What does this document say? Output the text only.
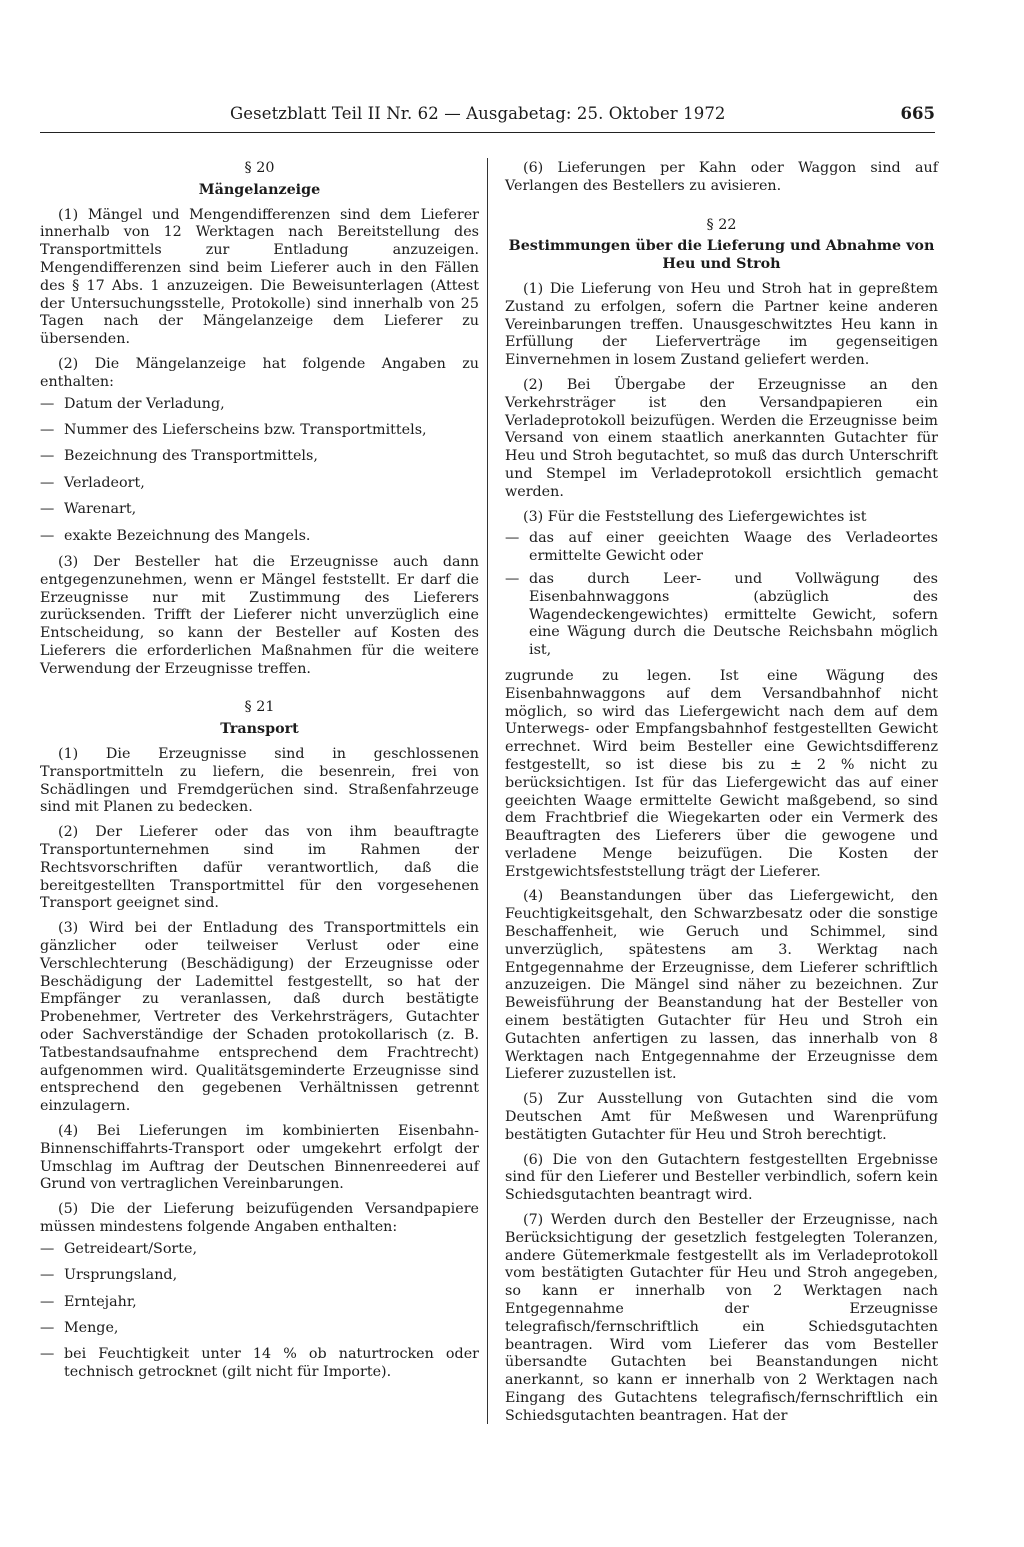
Gesetzblatt Teil II Nr. 62 — Ausgabetag: 25. Oktober 1972	665
§ 20
Mängelanzeige

(1) Mängel und Mengendifferenzen sind dem Lieferer innerhalb von 12 Werktagen nach Bereitstellung des Transportmittels zur Entladung anzuzeigen. Mengendifferenzen sind beim Lieferer auch in den Fällen des § 17 Abs. 1 anzuzeigen. Die Beweisunterlagen (Attest der Untersuchungsstelle, Protokolle) sind innerhalb von 25 Tagen nach der Mängelanzeige dem Lieferer zu übersenden.

(2) Die Mängelanzeige hat folgende Angaben zu enthalten:

— Datum der Verladung,
— Nummer des Lieferscheins bzw. Transportmittels,
— Bezeichnung des Transportmittels,
— Verladeort,
— Warenart,
— exakte Bezeichnung des Mangels.

(3) Der Besteller hat die Erzeugnisse auch dann entgegenzunehmen, wenn er Mängel feststellt. Er darf die Erzeugnisse nur mit Zustimmung des Lieferers zurücksenden. Trifft der Lieferer nicht unverzüglich eine Entscheidung, so kann der Besteller auf Kosten des Lieferers die erforderlichen Maßnahmen für die weitere Verwendung der Erzeugnisse treffen.

§ 21
Transport

(1) Die Erzeugnisse sind in geschlossenen Transportmitteln zu liefern, die besenrein, frei von Schädlingen und Fremdgerüchen sind. Straßenfahrzeuge sind mit Planen zu bedecken.

(2) Der Lieferer oder das von ihm beauftragte Transportunternehmen sind im Rahmen der Rechtsvorschriften dafür verantwortlich, daß die bereitgestellten Transportmittel für den vorgesehenen Transport geeignet sind.

(3) Wird bei der Entladung des Transportmittels ein gänzlicher oder teilweiser Verlust oder eine Verschlechterung (Beschädigung) der Erzeugnisse oder Beschädigung der Lademittel festgestellt, so hat der Empfänger zu veranlassen, daß durch bestätigte Probenehmer, Vertreter des Verkehrsträgers, Gutachter oder Sachverständige der Schaden protokollarisch (z. B. Tatbestandsaufnahme entsprechend dem Frachtrecht) aufgenommen wird. Qualitätsgeminderte Erzeugnisse sind entsprechend den gegebenen Verhältnissen getrennt einzulagern.

(4) Bei Lieferungen im kombinierten Eisenbahn-Binnenschiffahrts-Transport oder umgekehrt erfolgt der Umschlag im Auftrag der Deutschen Binnenreederei auf Grund von vertraglichen Vereinbarungen.

(5) Die der Lieferung beizufügenden Versandpapiere müssen mindestens folgende Angaben enthalten:

— Getreideart/Sorte,
— Ursprungsland,
— Erntejahr,
— Menge,
— bei Feuchtigkeit unter 14 % ob naturtrocken oder technisch getrocknet (gilt nicht für Importe).

(6) Lieferungen per Kahn oder Waggon sind auf Verlangen des Bestellers zu avisieren.

§ 22
Bestimmungen über die Lieferung und Abnahme von Heu und Stroh

(1) Die Lieferung von Heu und Stroh hat in gepreßtem Zustand zu erfolgen, sofern die Partner keine anderen Vereinbarungen treffen. Unausgeschwitztes Heu kann in Erfüllung der Lieferverträge im gegenseitigen Einvernehmen in losem Zustand geliefert werden.

(2) Bei Übergabe der Erzeugnisse an den Verkehrsträger ist den Versandpapieren ein Verladeprotokoll beizufügen. Werden die Erzeugnisse beim Versand von einem staatlich anerkannten Gutachter für Heu und Stroh begutachtet, so muß das durch Unterschrift und Stempel im Verladeprotokoll ersichtlich gemacht werden.

(3) Für die Feststellung des Liefergewichtes ist

— das auf einer geeichten Waage des Verladeortes ermittelte Gewicht oder
— das durch Leer- und Vollwägung des Eisenbahnwaggons (abzüglich des Wagendeckengewichtes) ermittelte Gewicht, sofern eine Wägung durch die Deutsche Reichsbahn möglich ist,

zugrunde zu legen. Ist eine Wägung des Eisenbahnwaggons auf dem Versandbahnhof nicht möglich, so wird das Liefergewicht nach dem auf dem Unterwegs- oder Empfangsbahnhof festgestellten Gewicht errechnet. Wird beim Besteller eine Gewichtsdifferenz festgestellt, so ist diese bis zu ± 2 % nicht zu berücksichtigen. Ist für das Liefergewicht das auf einer geeichten Waage ermittelte Gewicht maßgebend, so sind dem Frachtbrief die Wiegekarten oder ein Vermerk des Beauftragten des Lieferers über die gewogene und verladene Menge beizufügen. Die Kosten der Erstgewichtsfeststellung trägt der Lieferer.

(4) Beanstandungen über das Liefergewicht, den Feuchtigkeitsgehalt, den Schwarzbesatz oder die sonstige Beschaffenheit, wie Geruch und Schimmel, sind unverzüglich, spätestens am 3. Werktag nach Entgegennahme der Erzeugnisse, dem Lieferer schriftlich anzuzeigen. Die Mängel sind näher zu bezeichnen. Zur Beweisführung der Beanstandung hat der Besteller von einem bestätigten Gutachter für Heu und Stroh ein Gutachten anfertigen zu lassen, das innerhalb von 8 Werktagen nach Entgegennahme der Erzeugnisse dem Lieferer zuzustellen ist.

(5) Zur Ausstellung von Gutachten sind die vom Deutschen Amt für Meßwesen und Warenprüfung bestätigten Gutachter für Heu und Stroh berechtigt.

(6) Die von den Gutachtern festgestellten Ergebnisse sind für den Lieferer und Besteller verbindlich, sofern kein Schiedsgutachten beantragt wird.

(7) Werden durch den Besteller der Erzeugnisse, nach Berücksichtigung der gesetzlich festgelegten Toleranzen, andere Gütemerkmale festgestellt als im Verladeprotokoll vom bestätigten Gutachter für Heu und Stroh angegeben, so kann er innerhalb von 2 Werktagen nach Entgegennahme der Erzeugnisse telegrafisch/fernschriftlich ein Schiedsgutachten beantragen. Wird vom Lieferer das vom Besteller übersandte Gutachten bei Beanstandungen nicht anerkannt, so kann er innerhalb von 2 Werktagen nach Eingang des Gutachtens telegrafisch/fernschriftlich ein Schiedsgutachten beantragen. Hat der
